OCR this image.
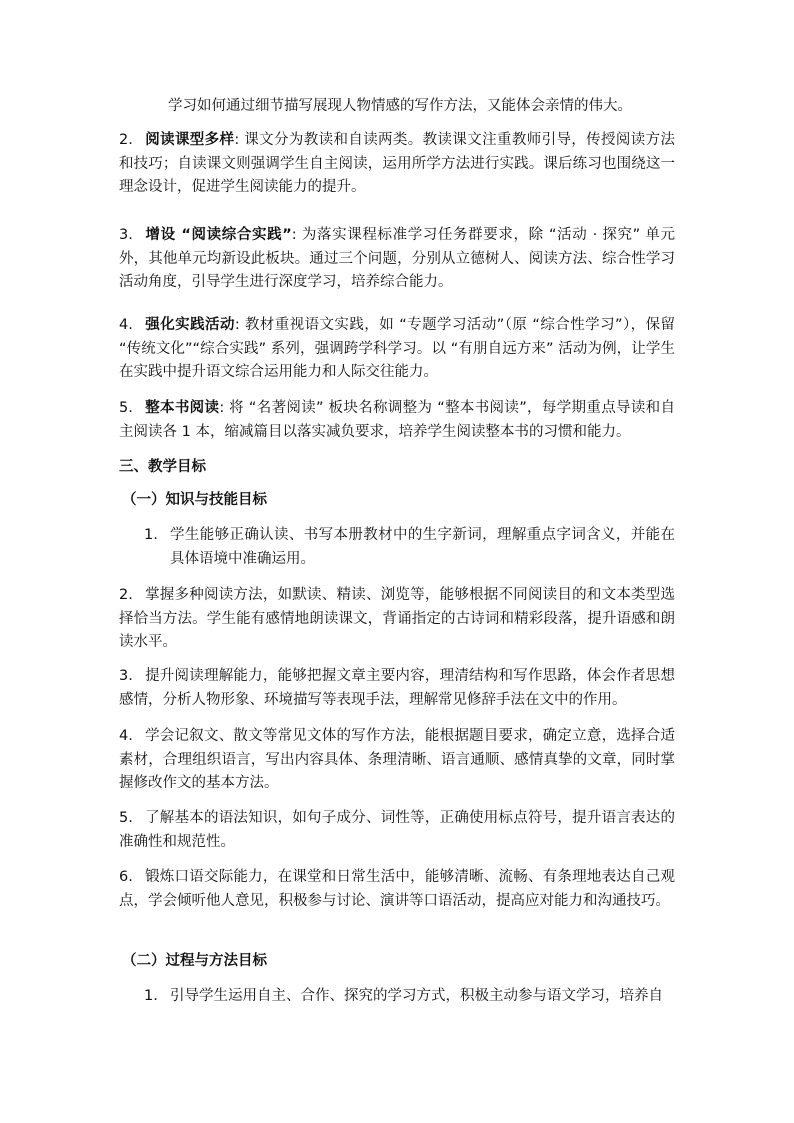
学习如何通过细节描写展现人物情感的写作方法，又能体会亲情的伟大。
2. 阅读课型多样: 课文分为教读和自读两类。教读课文注重教师引导，传授阅读方法和技巧；自读课文则强调学生自主阅读，运用所学方法进行实践。课后练习也围绕这一理念设计，促进学生阅读能力的提升。
3. 增设 “阅读综合实践”: 为落实课程标准学习任务群要求，除 “活动 · 探究” 单元外，其他单元均新设此板块。通过三个问题，分别从立德树人、阅读方法、综合性学习活动角度，引导学生进行深度学习，培养综合能力。
4. 强化实践活动: 教材重视语文实践，如 “专题学习活动”（原 “综合性学习”），保留 “传统文化”“综合实践” 系列，强调跨学科学习。以 “有朋自远方来” 活动为例，让学生在实践中提升语文综合运用能力和人际交往能力。
5. 整本书阅读: 将 “名著阅读” 板块名称调整为 “整本书阅读”，每学期重点导读和自主阅读各 1 本，缩减篇目以落实减负要求，培养学生阅读整本书的习惯和能力。
三、教学目标
（一）知识与技能目标
1. 学生能够正确认读、书写本册教材中的生字新词，理解重点字词含义，并能在具体语境中准确运用。
2. 掌握多种阅读方法，如默读、精读、浏览等，能够根据不同阅读目的和文本类型选择恰当方法。学生能有感情地朗读课文，背诵指定的古诗词和精彩段落，提升语感和朗读水平。
3. 提升阅读理解能力，能够把握文章主要内容，理清结构和写作思路，体会作者思想感情，分析人物形象、环境描写等表现手法，理解常见修辞手法在文中的作用。
4. 学会记叙文、散文等常见文体的写作方法，能根据题目要求，确定立意，选择合适素材，合理组织语言，写出内容具体、条理清晰、语言通顺、感情真挚的文章，同时掌握修改作文的基本方法。
5. 了解基本的语法知识，如句子成分、词性等，正确使用标点符号，提升语言表达的准确性和规范性。
6. 锻炼口语交际能力，在课堂和日常生活中，能够清晰、流畅、有条理地表达自己观点，学会倾听他人意见，积极参与讨论、演讲等口语活动，提高应对能力和沟通技巧。
（二）过程与方法目标
1. 引导学生运用自主、合作、探究的学习方式，积极主动参与语文学习，培养自
